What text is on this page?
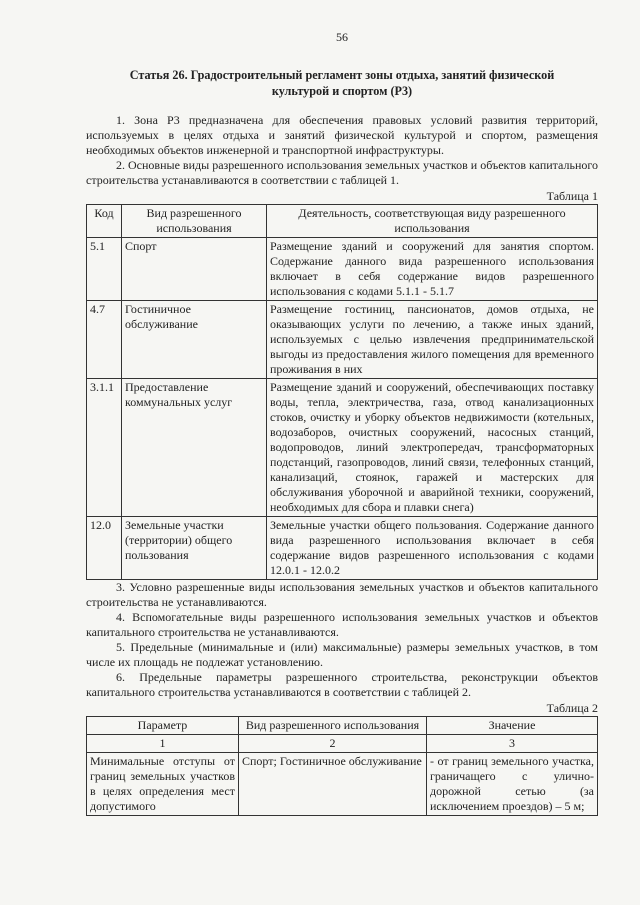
56
Статья 26. Градостроительный регламент зоны отдыха, занятий физической
культурой и спортом (Р3)

1. Зона Р3 предназначена для обеспечения правовых условий развития территорий, используемых в целях отдыха и занятий физической культурой и спортом, размещения необходимых объектов инженерной и транспортной инфраструктуры.

2. Основные виды разрешенного использования земельных участков и объектов капитального строительства устанавливаются в соответствии с таблицей 1.

Таблица 1
Код	Вид разрешенного использования	Деятельность, соответствующая виду разрешенного использования
5.1	Спорт	Размещение зданий и сооружений для занятия спортом. Содержание данного вида разрешенного использования включает в себя содержание видов разрешенного использования с кодами 5.1.1 - 5.1.7
4.7	Гостиничное обслуживание	Размещение гостиниц, пансионатов, домов отдыха, не оказывающих услуги по лечению, а также иных зданий, используемых с целью извлечения предпринимательской выгоды из предоставления жилого помещения для временного проживания в них
3.1.1	Предоставление коммунальных услуг	Размещение зданий и сооружений, обеспечивающих поставку воды, тепла, электричества, газа, отвод канализационных стоков, очистку и уборку объектов недвижимости (котельных, водозаборов, очистных сооружений, насосных станций, водопроводов, линий электропередач, трансформаторных подстанций, газопроводов, линий связи, телефонных станций, канализаций, стоянок, гаражей и мастерских для обслуживания уборочной и аварийной техники, сооружений, необходимых для сбора и плавки снега)
12.0	Земельные участки (территории) общего пользования	Земельные участки общего пользования. Содержание данного вида разрешенного использования включает в себя содержание видов разрешенного использования с кодами 12.0.1 - 12.0.2

3. Условно разрешенные виды использования земельных участков и объектов капитального строительства не устанавливаются.

4. Вспомогательные виды разрешенного использования земельных участков и объектов капитального строительства не устанавливаются.

5. Предельные (минимальные и (или) максимальные) размеры земельных участков, в том числе их площадь не подлежат установлению.

6. Предельные параметры разрешенного строительства, реконструкции объектов капитального строительства устанавливаются в соответствии с таблицей 2.

Таблица 2
Параметр	Вид разрешенного использования	Значение
1	2	3
Минимальные отступы от границ земельных участков в целях определения мест допустимого	Спорт; Гостиничное обслуживание	- от границ земельного участка, граничащего с улично-дорожной сетью (за исключением проездов) – 5 м;
